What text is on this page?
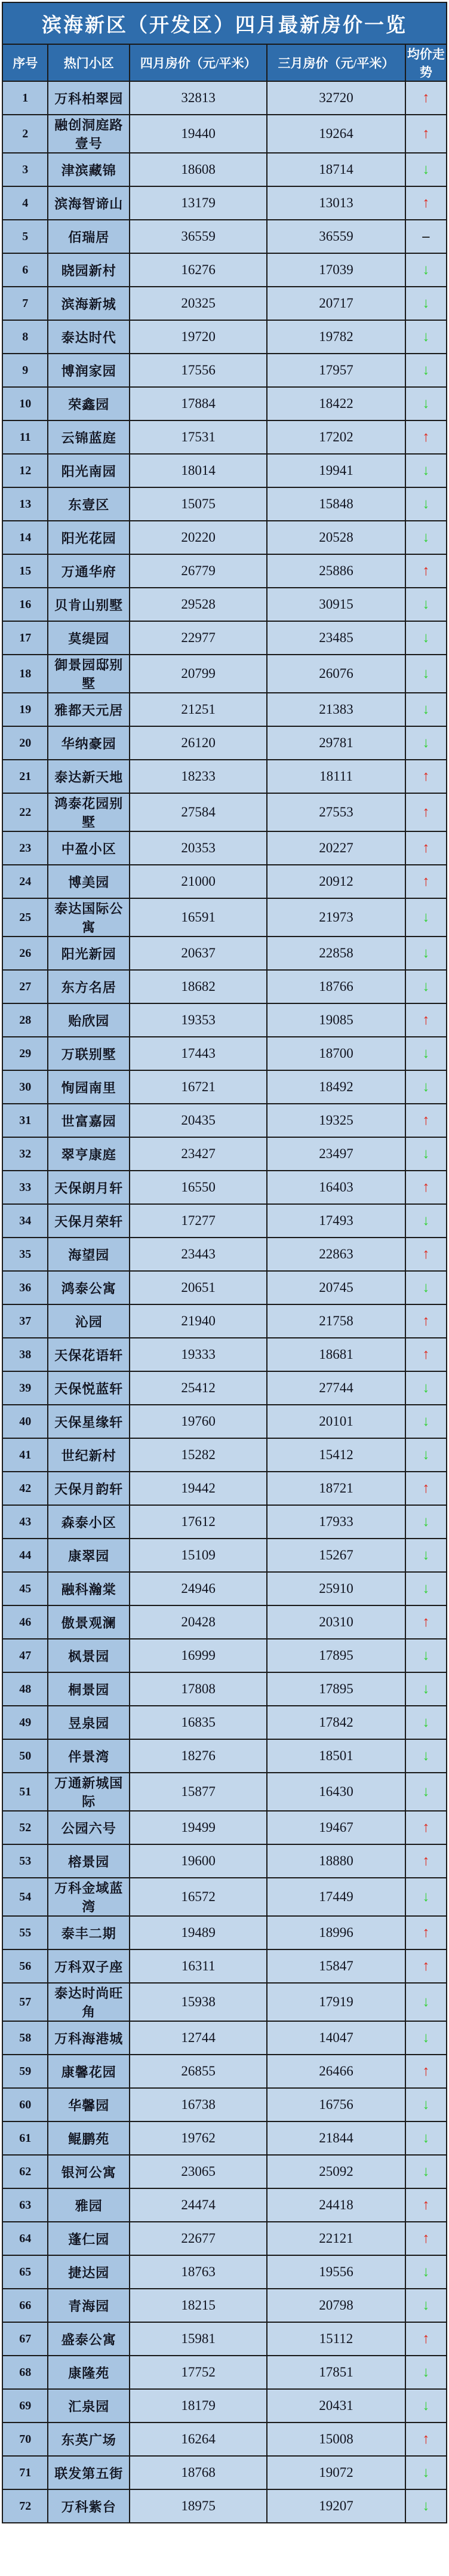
滨海新区（开发区）四月最新房价一览				
序号	热门小区	四月房价（元/平米）	三月房价（元/平米）	均价走势
1	万科柏翠园	32813	32720	↑
2	融创洞庭路壹号	19440	19264	↑
3	津滨藏锦	18608	18714	↓
4	滨海智谛山	13179	13013	↑
5	佰瑞居	36559	36559	–
6	晓园新村	16276	17039	↓
7	滨海新城	20325	20717	↓
8	泰达时代	19720	19782	↓
9	博润家园	17556	17957	↓
10	荣鑫园	17884	18422	↓
11	云锦蓝庭	17531	17202	↑
12	阳光南园	18014	19941	↓
13	东壹区	15075	15848	↓
14	阳光花园	20220	20528	↓
15	万通华府	26779	25886	↑
16	贝肯山别墅	29528	30915	↓
17	莫缇园	22977	23485	↓
18	御景园邸别墅	20799	26076	↓
19	雅都天元居	21251	21383	↓
20	华纳豪园	26120	29781	↓
21	泰达新天地	18233	18111	↑
22	鸿泰花园别墅	27584	27553	↑
23	中盈小区	20353	20227	↑
24	博美园	21000	20912	↑
25	泰达国际公寓	16591	21973	↓
26	阳光新园	20637	22858	↓
27	东方名居	18682	18766	↓
28	贻欣园	19353	19085	↑
29	万联别墅	17443	18700	↓
30	恂园南里	16721	18492	↓
31	世富嘉园	20435	19325	↑
32	翠亨康庭	23427	23497	↓
33	天保朗月轩	16550	16403	↑
34	天保月荣轩	17277	17493	↓
35	海望园	23443	22863	↑
36	鸿泰公寓	20651	20745	↓
37	沁园	21940	21758	↑
38	天保花语轩	19333	18681	↑
39	天保悦蓝轩	25412	27744	↓
40	天保星缘轩	19760	20101	↓
41	世纪新村	15282	15412	↓
42	天保月韵轩	19442	18721	↑
43	森泰小区	17612	17933	↓
44	康翠园	15109	15267	↓
45	融科瀚棠	24946	25910	↓
46	傲景观澜	20428	20310	↑
47	枫景园	16999	17895	↓
48	桐景园	17808	17895	↓
49	昱泉园	16835	17842	↓
50	伴景湾	18276	18501	↓
51	万通新城国际	15877	16430	↓
52	公园六号	19499	19467	↑
53	榕景园	19600	18880	↑
54	万科金域蓝湾	16572	17449	↓
55	泰丰二期	19489	18996	↑
56	万科双子座	16311	15847	↑
57	泰达时尚旺角	15938	17919	↓
58	万科海港城	12744	14047	↓
59	康馨花园	26855	26466	↑
60	华馨园	16738	16756	↓
61	鲲鹏苑	19762	21844	↓
62	银河公寓	23065	25092	↓
63	雅园	24474	24418	↑
64	蓬仁园	22677	22121	↑
65	捷达园	18763	19556	↓
66	青海园	18215	20798	↓
67	盛泰公寓	15981	15112	↑
68	康隆苑	17752	17851	↓
69	汇泉园	18179	20431	↓
70	东英广场	16264	15008	↑
71	联发第五街	18768	19072	↓
72	万科紫台	18975	19207	↓
